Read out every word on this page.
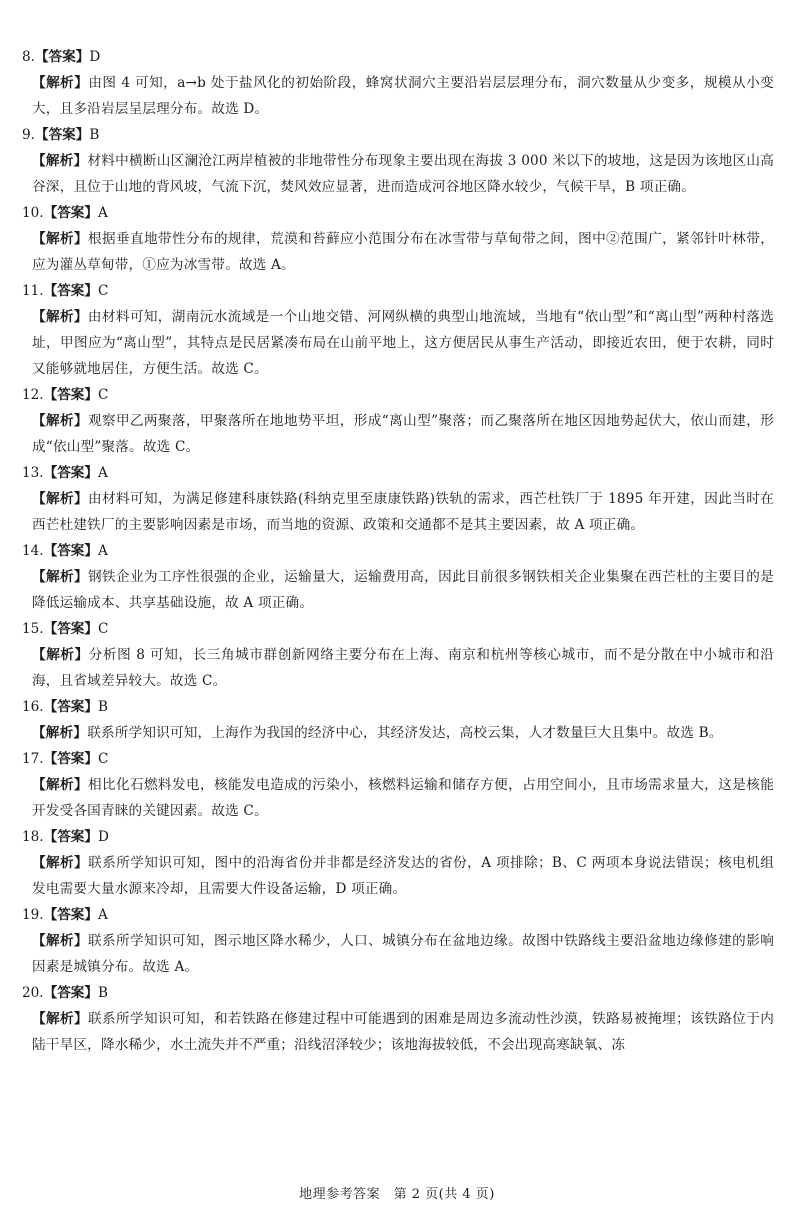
8.【答案】D

【解析】由图 4 可知，a→b 处于盐风化的初始阶段，蜂窝状洞穴主要沿岩层层理分布，洞穴数量从少变多，规模从小变大，且多沿岩层呈层理分布。故选 D。

9.【答案】B

【解析】材料中横断山区澜沧江两岸植被的非地带性分布现象主要出现在海拔 3 000 米以下的坡地，这是因为该地区山高谷深，且位于山地的背风坡，气流下沉，焚风效应显著，进而造成河谷地区降水较少，气候干旱，B 项正确。

10.【答案】A

【解析】根据垂直地带性分布的规律，荒漠和苔藓应小范围分布在冰雪带与草甸带之间，图中②范围广，紧邻针叶林带，应为灌丛草甸带，①应为冰雪带。故选 A。

11.【答案】C

【解析】由材料可知，湖南沅水流域是一个山地交错、河网纵横的典型山地流域，当地有“依山型”和“离山型”两种村落选址，甲图应为“离山型”，其特点是民居紧凑布局在山前平地上，这方便居民从事生产活动，即接近农田，便于农耕，同时又能够就地居住，方便生活。故选 C。

12.【答案】C

【解析】观察甲乙两聚落，甲聚落所在地地势平坦，形成“离山型”聚落；而乙聚落所在地区因地势起伏大，依山而建，形成“依山型”聚落。故选 C。

13.【答案】A

【解析】由材料可知，为满足修建科康铁路(科纳克里至康康铁路)铁轨的需求，西芒杜铁厂于 1895 年开建，因此当时在西芒杜建铁厂的主要影响因素是市场，而当地的资源、政策和交通都不是其主要因素，故 A 项正确。

14.【答案】A

【解析】钢铁企业为工序性很强的企业，运输量大，运输费用高，因此目前很多钢铁相关企业集聚在西芒杜的主要目的是降低运输成本、共享基础设施，故 A 项正确。

15.【答案】C

【解析】分析图 8 可知，长三角城市群创新网络主要分布在上海、南京和杭州等核心城市，而不是分散在中小城市和沿海，且省域差异较大。故选 C。

16.【答案】B

【解析】联系所学知识可知，上海作为我国的经济中心，其经济发达，高校云集，人才数量巨大且集中。故选 B。

17.【答案】C

【解析】相比化石燃料发电，核能发电造成的污染小，核燃料运输和储存方便，占用空间小，且市场需求量大，这是核能开发受各国青睐的关键因素。故选 C。

18.【答案】D

【解析】联系所学知识可知，图中的沿海省份并非都是经济发达的省份，A 项排除；B、C 两项本身说法错误；核电机组发电需要大量水源来冷却，且需要大件设备运输，D 项正确。

19.【答案】A

【解析】联系所学知识可知，图示地区降水稀少，人口、城镇分布在盆地边缘。故图中铁路线主要沿盆地边缘修建的影响因素是城镇分布。故选 A。

20.【答案】B

【解析】联系所学知识可知，和若铁路在修建过程中可能遇到的困难是周边多流动性沙漠，铁路易被掩埋；该铁路位于内陆干旱区，降水稀少，水土流失并不严重；沿线沼泽较少；该地海拔较低，不会出现高寒缺氧、冻

地理参考答案　第 2 页(共 4 页)
